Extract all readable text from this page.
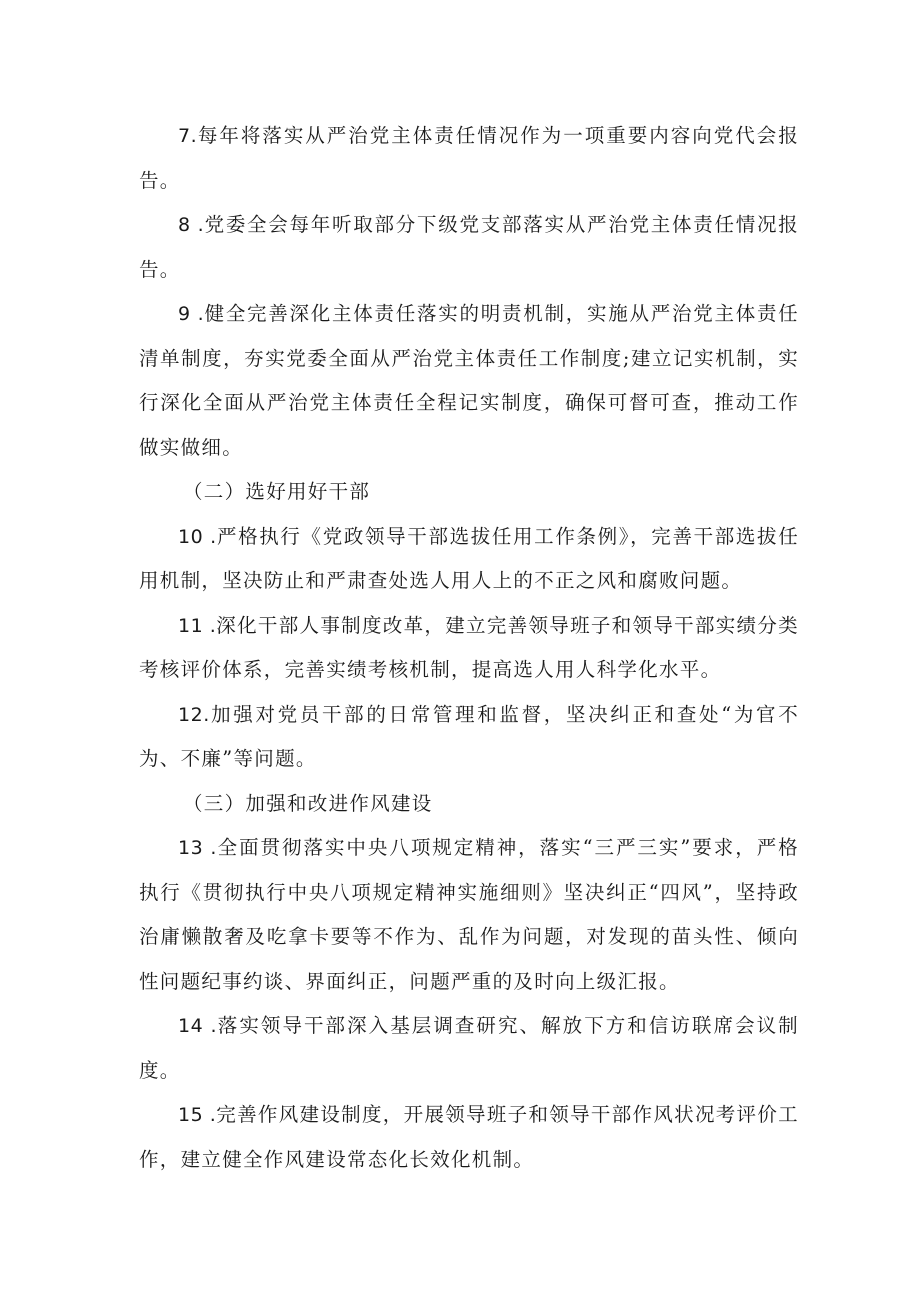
7.每年将落实从严治党主体责任情况作为一项重要内容向党代会报告。

8 .党委全会每年听取部分下级党支部落实从严治党主体责任情况报告。

9 .健全完善深化主体责任落实的明责机制，实施从严治党主体责任清单制度，夯实党委全面从严治党主体责任工作制度;建立记实机制，实行深化全面从严治党主体责任全程记实制度，确保可督可查，推动工作做实做细。

（二）选好用好干部

10 .严格执行《党政领导干部选拔任用工作条例》，完善干部选拔任用机制，坚决防止和严肃查处选人用人上的不正之风和腐败问题。

11 .深化干部人事制度改革，建立完善领导班子和领导干部实绩分类考核评价体系，完善实绩考核机制，提高选人用人科学化水平。

12.加强对党员干部的日常管理和监督，坚决纠正和查处“为官不为、不廉”等问题。

（三）加强和改进作风建设

13 .全面贯彻落实中央八项规定精神，落实“三严三实”要求，严格执行《贯彻执行中央八项规定精神实施细则》坚决纠正“四风”，坚持政治庸懒散奢及吃拿卡要等不作为、乱作为问题，对发现的苗头性、倾向性问题纪事约谈、界面纠正，问题严重的及时向上级汇报。

14 .落实领导干部深入基层调查研究、解放下方和信访联席会议制度。

15 .完善作风建设制度，开展领导班子和领导干部作风状况考评价工作，建立健全作风建设常态化长效化机制。
